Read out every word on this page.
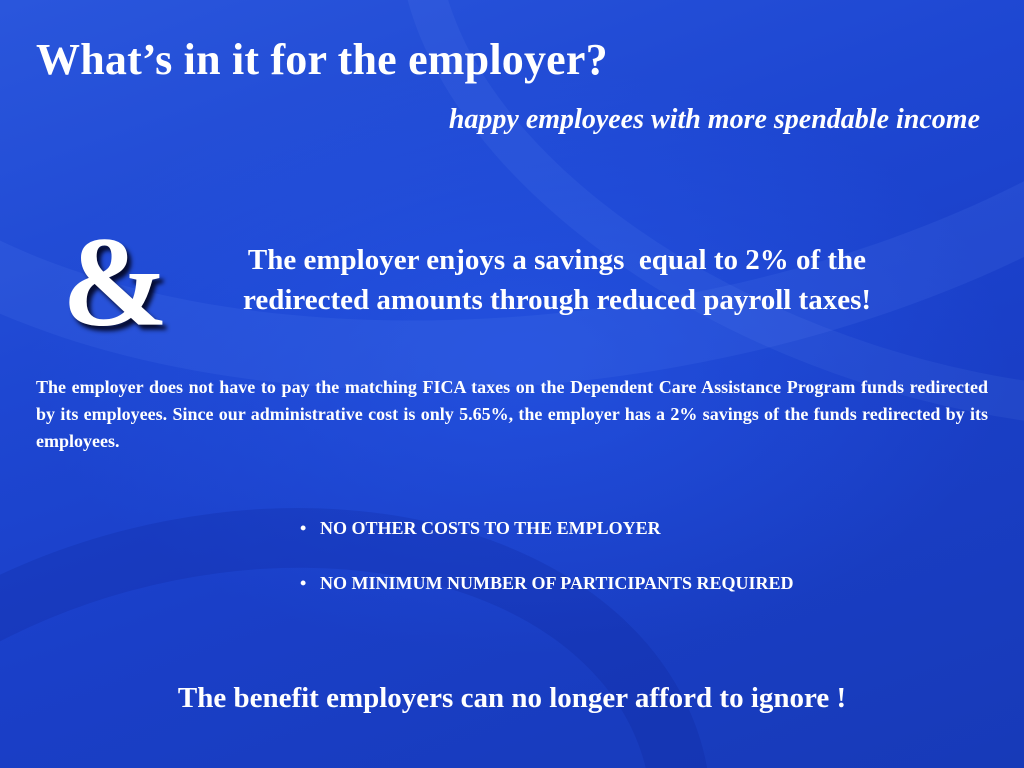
What’s in it for the employer?
happy employees with more spendable income
&	The employer enjoys a savings  equal to 2% of the
redirected amounts through reduced payroll taxes!

The employer does not have to pay the matching FICA taxes on the Dependent Care Assistance Program funds redirected by its employees. Since our administrative cost is only 5.65%, the employer has a 2% savings of the funds redirected by its employees.

• NO OTHER COSTS TO THE EMPLOYER
• NO MINIMUM NUMBER OF PARTICIPANTS REQUIRED
The benefit employers can no longer afford to ignore !
